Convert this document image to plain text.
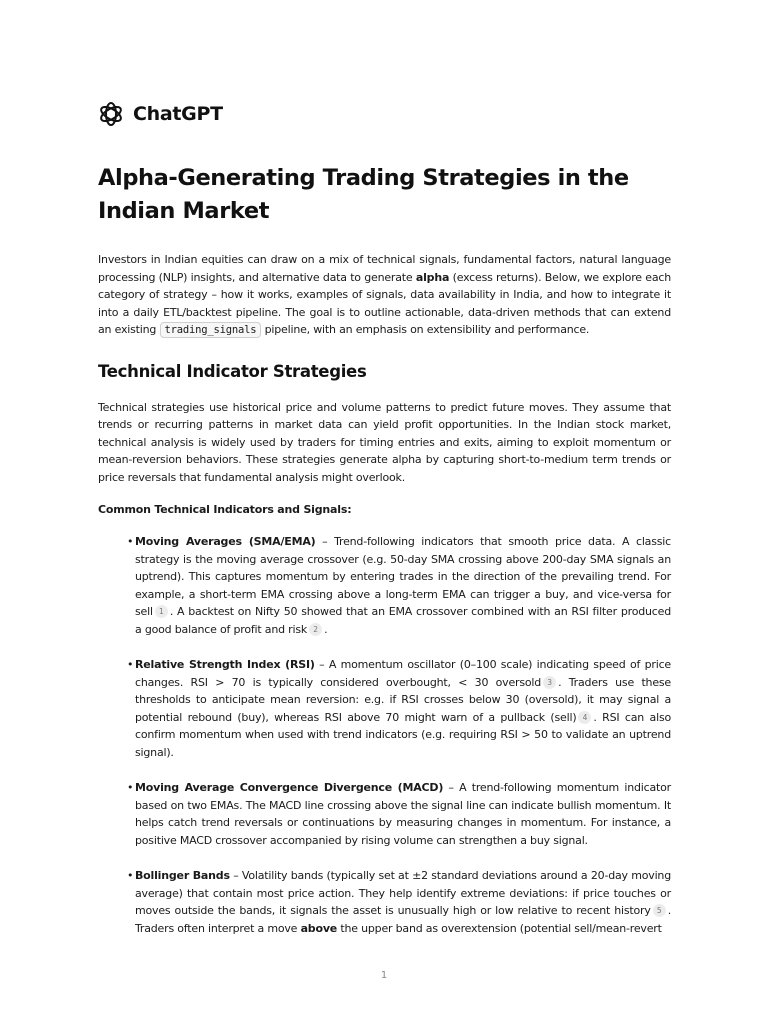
ChatGPT
Alpha-Generating Trading Strategies in the Indian Market

Investors in Indian equities can draw on a mix of technical signals, fundamental factors, natural language processing (NLP) insights, and alternative data to generate alpha (excess returns). Below, we explore each category of strategy – how it works, examples of signals, data availability in India, and how to integrate it into a daily ETL/backtest pipeline. The goal is to outline actionable, data-driven methods that can extend an existing trading_signals pipeline, with an emphasis on extensibility and performance.

Technical Indicator Strategies

Technical strategies use historical price and volume patterns to predict future moves. They assume that trends or recurring patterns in market data can yield profit opportunities. In the Indian stock market, technical analysis is widely used by traders for timing entries and exits, aiming to exploit momentum or mean-reversion behaviors. These strategies generate alpha by capturing short-to-medium term trends or price reversals that fundamental analysis might overlook.

Common Technical Indicators and Signals:
• Moving Averages (SMA/EMA) – Trend-following indicators that smooth price data. A classic strategy is the moving average crossover (e.g. 50-day SMA crossing above 200-day SMA signals an uptrend). This captures momentum by entering trades in the direction of the prevailing trend. For example, a short-term EMA crossing above a long-term EMA can trigger a buy, and vice-versa for sell 1 . A backtest on Nifty 50 showed that an EMA crossover combined with an RSI filter produced a good balance of profit and risk 2 .
• Relative Strength Index (RSI) – A momentum oscillator (0–100 scale) indicating speed of price changes. RSI > 70 is typically considered overbought, < 30 oversold 3 . Traders use these thresholds to anticipate mean reversion: e.g. if RSI crosses below 30 (oversold), it may signal a potential rebound (buy), whereas RSI above 70 might warn of a pullback (sell) 4 . RSI can also confirm momentum when used with trend indicators (e.g. requiring RSI > 50 to validate an uptrend signal).
• Moving Average Convergence Divergence (MACD) – A trend-following momentum indicator based on two EMAs. The MACD line crossing above the signal line can indicate bullish momentum. It helps catch trend reversals or continuations by measuring changes in momentum. For instance, a positive MACD crossover accompanied by rising volume can strengthen a buy signal.
• Bollinger Bands – Volatility bands (typically set at ±2 standard deviations around a 20-day moving average) that contain most price action. They help identify extreme deviations: if price touches or moves outside the bands, it signals the asset is unusually high or low relative to recent history 5 . Traders often interpret a move above the upper band as overextension (potential sell/mean-revert
1
